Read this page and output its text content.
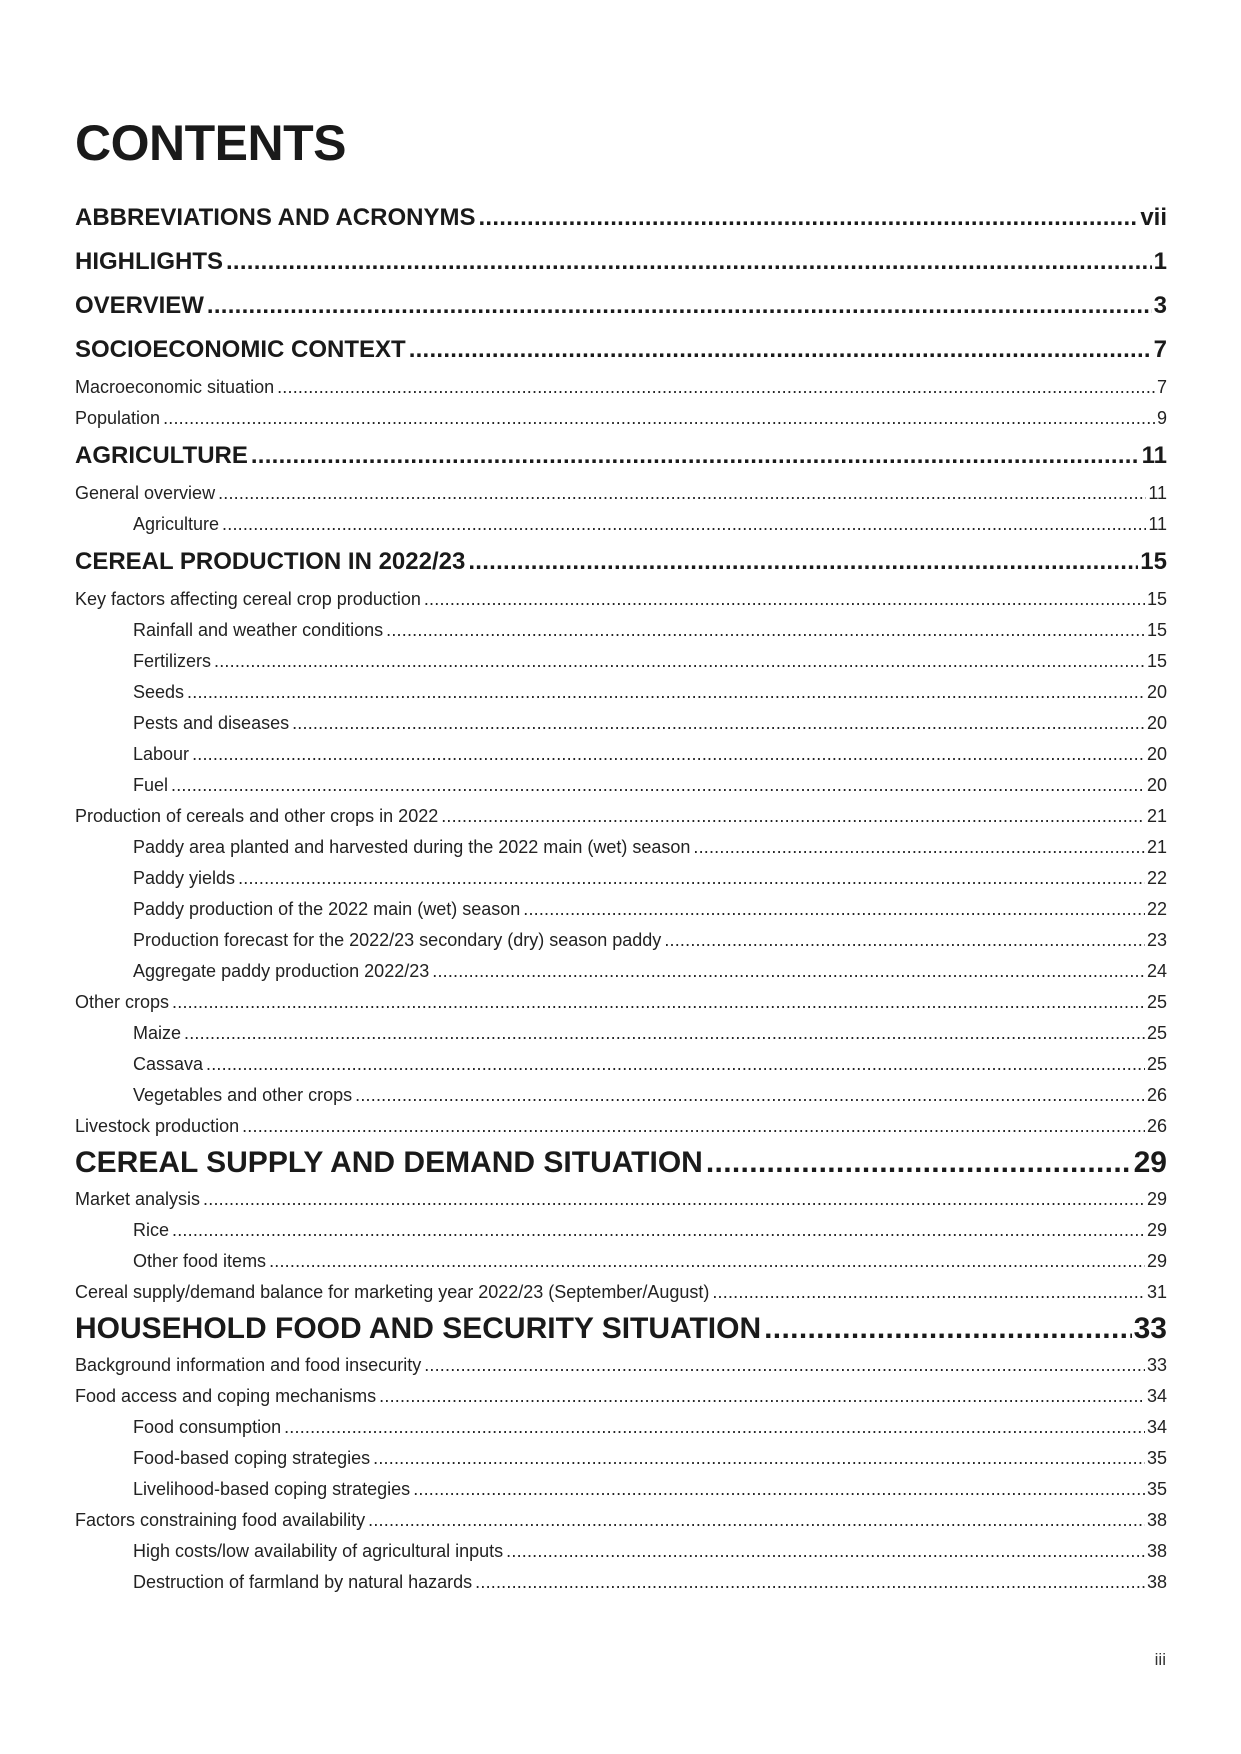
CONTENTS
ABBREVIATIONS AND ACRONYMS . . .	vii
HIGHLIGHTS . . .	1
OVERVIEW . . .	3
SOCIOECONOMIC CONTEXT . . .	7
Macroeconomic situation . . .	7
Population . . .	9
AGRICULTURE . . .	11
General overview . . .	11
Agriculture . . .	11
CEREAL PRODUCTION IN 2022/23 . . .	15
Key factors affecting cereal crop production . . .	15
Rainfall and weather conditions . . .	15
Fertilizers . . .	15
Seeds . . .	20
Pests and diseases . . .	20
Labour . . .	20
Fuel . . .	20
Production of cereals and other crops in 2022 . . .	21
Paddy area planted and harvested during the 2022 main (wet) season . . .	21
Paddy yields . . .	22
Paddy production of the 2022 main (wet) season . . .	22
Production forecast for the 2022/23 secondary (dry) season paddy . . .	23
Aggregate paddy production 2022/23 . . .	24
Other crops . . .	25
Maize . . .	25
Cassava . . .	25
Vegetables and other crops . . .	26
Livestock production . . .	26
CEREAL SUPPLY AND DEMAND SITUATION . . .	29
Market analysis . . .	29
Rice . . .	29
Other food items . . .	29
Cereal supply/demand balance for marketing year 2022/23 (September/August) . . .	31
HOUSEHOLD FOOD AND SECURITY SITUATION . . .	33
Background information and food insecurity . . .	33
Food access and coping mechanisms . . .	34
Food consumption . . .	34
Food-based coping strategies . . .	35
Livelihood-based coping strategies . . .	35
Factors constraining food availability . . .	38
High costs/low availability of agricultural inputs . . .	38
Destruction of farmland by natural hazards . . .	38
iii
